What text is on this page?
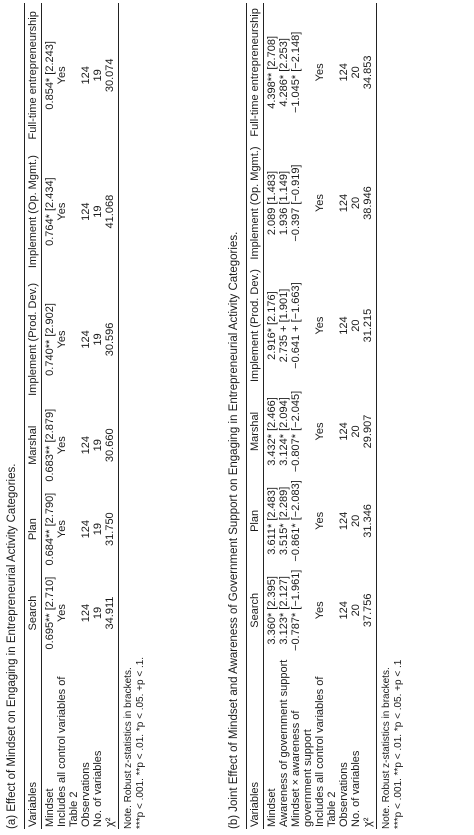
(a) Effect of Mindset on Engaging in Entrepreneurial Activity Categories. Variables	Search	Plan	Marshal	Implement (Prod. Dev.)	Implement (Op. Mgmt.)	Full-time entrepreneurship
Mindset	0.695** [2.710]	0.684** [2.790]	0.683** [2.879]	0.740** [2.902]	0.764* [2.434]	0.854* [2.243]
Includes all control variables of Table 2	Yes	Yes	Yes	Yes	Yes	Yes
Observations	124	124	124	124	124	124
No. of variables	19	19	19	19	19	19
χ²	34.911	31.750	30.660	30.596	41.068	30.074
Note. Robust z-statistics in brackets. ***p < .001. **p < .01. *p < .05. +p < .1.	(b) Joint Effect of Mindset and Awareness of Government Support on Engaging in Entrepreneurial Activity Categories. Variables	Search	Plan	Marshal	Implement (Prod. Dev.)	Implement (Op. Mgmt.)	Full-time entrepreneurship
Mindset	3.360* [2.395]	3.611* [2.483]	3.432* [2.466]	2.916* [2.176]	2.089 [1.483]	4.398** [2.708]
Awareness of government support	3.123* [2.127]	3.515* [2.289]	3.124* [2.094]	2.735 + [1.901]	1.936 [1.149]	4.286* [2.253]
Mindset × awareness of government support	−0.787* [−1.961]	−0.861* [−2.083]	−0.807* [−2.045]	−0.641 + [−1.663]	−0.397 [−0.919]	−1.045* [−2.148]
Includes all control variables of Table 2	Yes	Yes	Yes	Yes	Yes	Yes
Observations	124	124	124	124	124	124
No. of variables	20	20	20	20	20	20
χ²	37.756	31.346	29.907	31.215	38.946	34.853
Note. Robust z-statistics in brackets. ***p < .001. **p < .01. *p < .05. +p < .1
